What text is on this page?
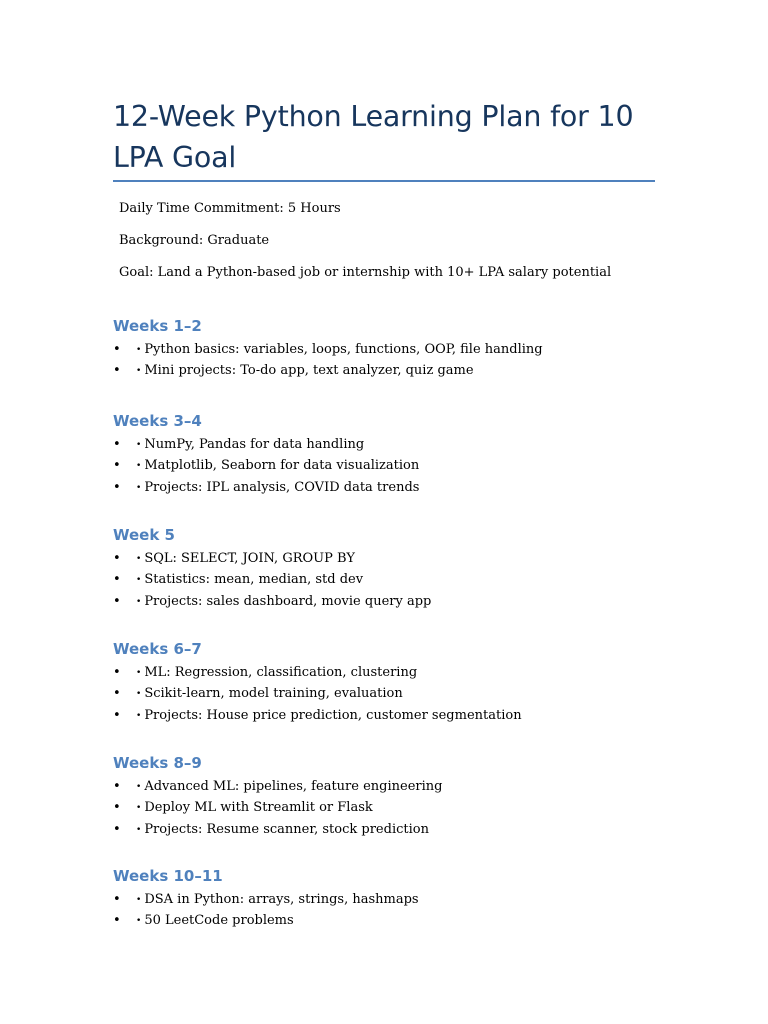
12-Week Python Learning Plan for 10 LPA Goal

Daily Time Commitment: 5 Hours

Background: Graduate

Goal: Land a Python-based job or internship with 10+ LPA salary potential

Weeks 1–2
• • Python basics: variables, loops, functions, OOP, file handling
• • Mini projects: To-do app, text analyzer, quiz game
Weeks 3–4
• • NumPy, Pandas for data handling
• • Matplotlib, Seaborn for data visualization
• • Projects: IPL analysis, COVID data trends
Week 5
• • SQL: SELECT, JOIN, GROUP BY
• • Statistics: mean, median, std dev
• • Projects: sales dashboard, movie query app
Weeks 6–7
• • ML: Regression, classification, clustering
• • Scikit-learn, model training, evaluation
• • Projects: House price prediction, customer segmentation
Weeks 8–9
• • Advanced ML: pipelines, feature engineering
• • Deploy ML with Streamlit or Flask
• • Projects: Resume scanner, stock prediction
Weeks 10–11
• • DSA in Python: arrays, strings, hashmaps
• • 50 LeetCode problems
